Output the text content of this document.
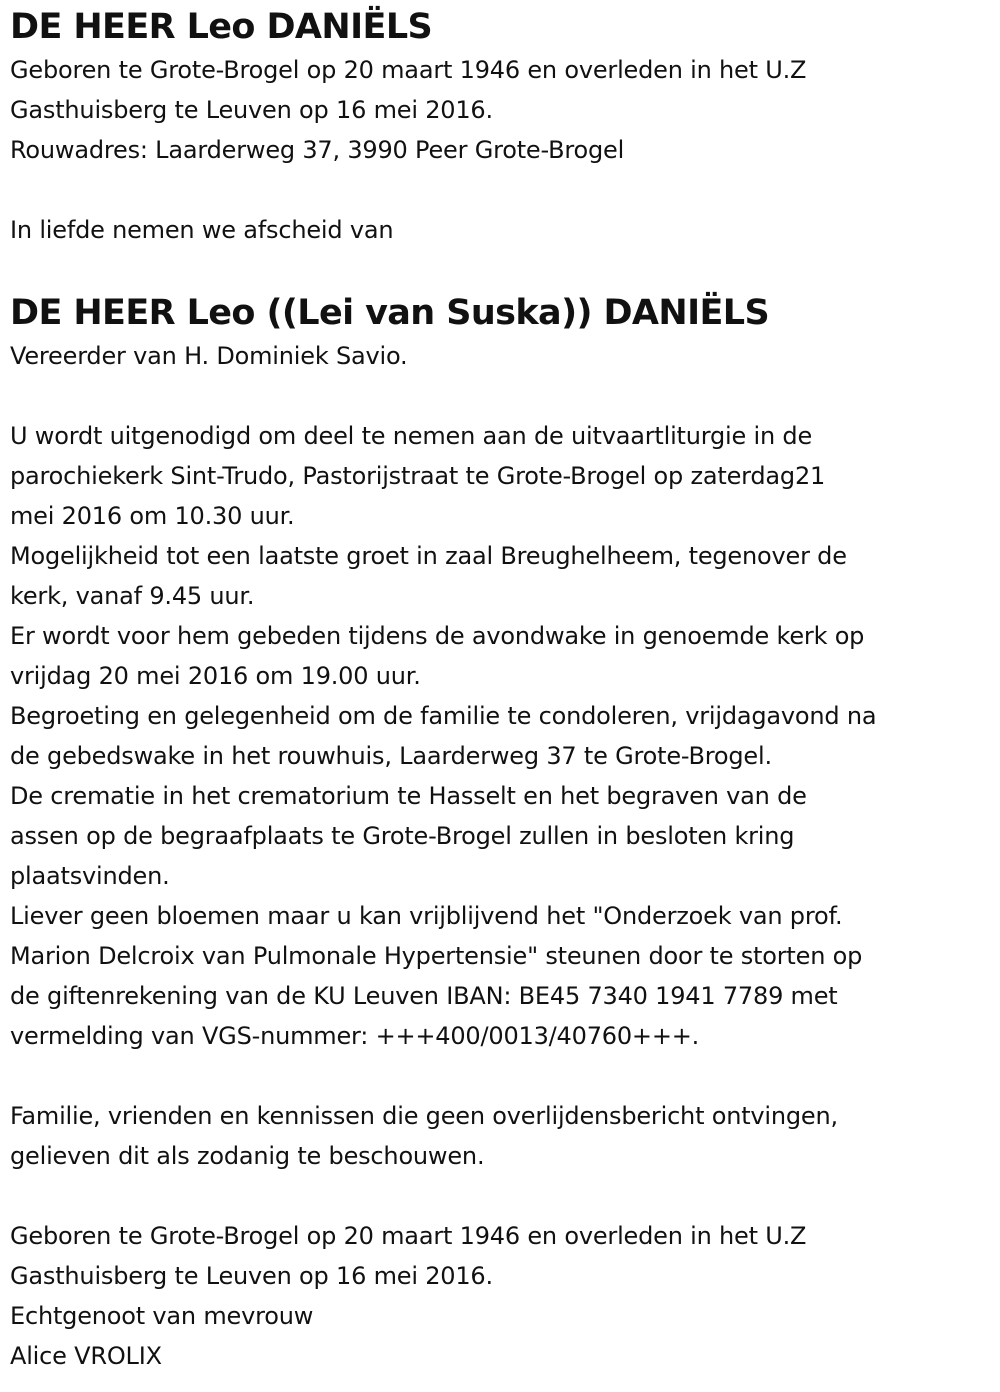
DE HEER Leo DANIËLS

Geboren te Grote-Brogel op 20 maart 1946 en overleden in het U.Z

Gasthuisberg te Leuven op 16 mei 2016.

Rouwadres: Laarderweg 37, 3990 Peer Grote-Brogel

In liefde nemen we afscheid van

DE HEER Leo ((Lei van Suska)) DANIËLS

Vereerder van H. Dominiek Savio.

U wordt uitgenodigd om deel te nemen aan de uitvaartliturgie in de

parochiekerk Sint-Trudo, Pastorijstraat te Grote-Brogel op zaterdag21

mei 2016 om 10.30 uur.

Mogelijkheid tot een laatste groet in zaal Breughelheem, tegenover de

kerk, vanaf 9.45 uur.

Er wordt voor hem gebeden tijdens de avondwake in genoemde kerk op

vrijdag 20 mei 2016 om 19.00 uur.

Begroeting en gelegenheid om de familie te condoleren, vrijdagavond na

de gebedswake in het rouwhuis, Laarderweg 37 te Grote-Brogel.

De crematie in het crematorium te Hasselt en het begraven van de

assen op de begraafplaats te Grote-Brogel zullen in besloten kring

plaatsvinden.

Liever geen bloemen maar u kan vrijblijvend het "Onderzoek van prof.

Marion Delcroix van Pulmonale Hypertensie" steunen door te storten op

de giftenrekening van de KU Leuven IBAN: BE45 7340 1941 7789 met

vermelding van VGS-nummer: +++400/0013/40760+++.

Familie, vrienden en kennissen die geen overlijdensbericht ontvingen,

gelieven dit als zodanig te beschouwen.

Geboren te Grote-Brogel op 20 maart 1946 en overleden in het U.Z

Gasthuisberg te Leuven op 16 mei 2016.

Echtgenoot van mevrouw

Alice VROLIX
